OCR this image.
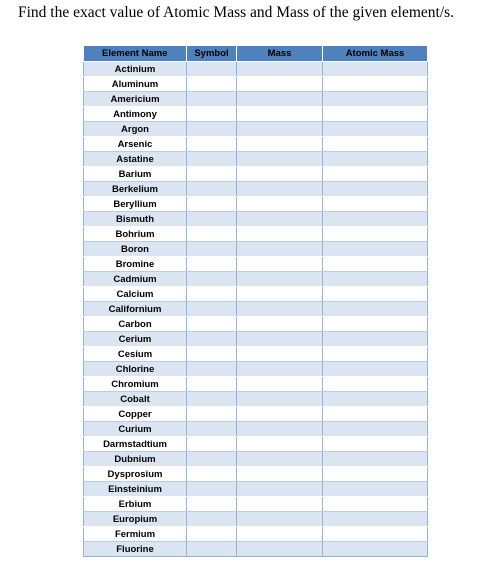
Find the exact value of Atomic Mass and Mass of the given element/s.

Element Name	Symbol	Mass	Atomic Mass
Actinium			
Aluminum			
Americium			
Antimony			
Argon			
Arsenic			
Astatine			
Barium			
Berkelium			
Beryllium			
Bismuth			
Bohrium			
Boron			
Bromine			
Cadmium			
Calcium			
Californium			
Carbon			
Cerium			
Cesium			
Chlorine			
Chromium			
Cobalt			
Copper			
Curium			
Darmstadtium			
Dubnium			
Dysprosium			
Einsteinium			
Erbium			
Europium			
Fermium			
Fluorine			
